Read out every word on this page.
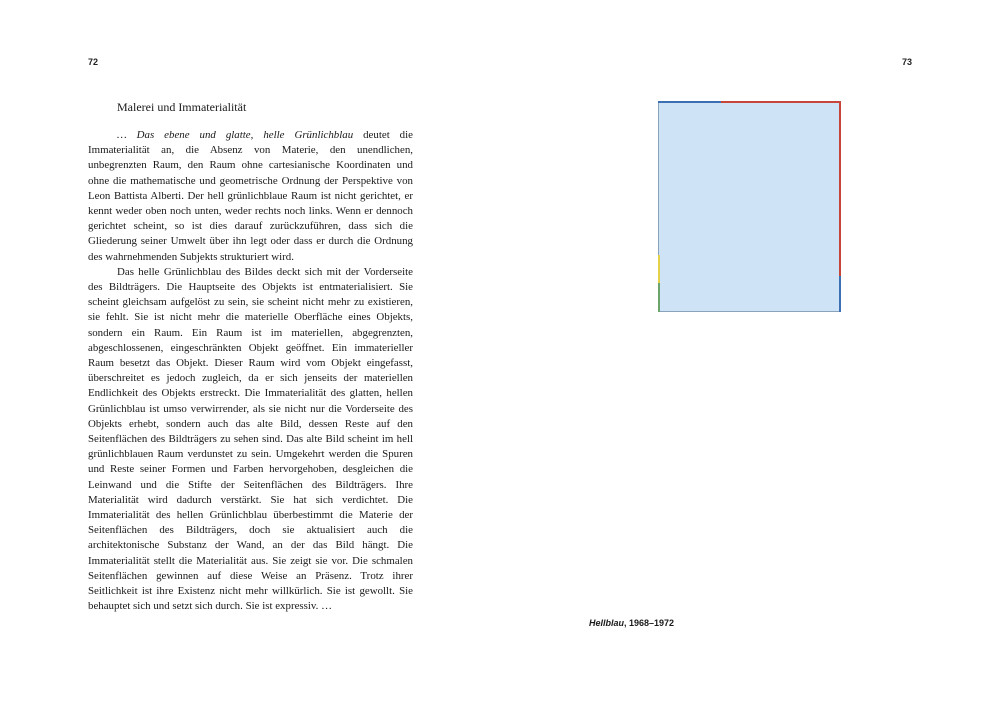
72	73
Malerei und Immaterialität

… Das ebene und glatte, helle Grünlichblau deutet die Immaterialität an, die Absenz von Materie, den unendlichen, unbegrenzten Raum, den Raum ohne cartesianische Koordinaten und ohne die mathematische und geometrische Ordnung der Perspektive von Leon Battista Alberti. Der hell grünlichblaue Raum ist nicht gerichtet, er kennt weder oben noch unten, weder rechts noch links. Wenn er dennoch gerichtet scheint, so ist dies darauf zurückzuführen, dass sich die Gliederung seiner Umwelt über ihn legt oder dass er durch die Ordnung des wahrnehmenden Subjekts strukturiert wird.

Das helle Grünlichblau des Bildes deckt sich mit der Vorderseite des Bildträgers. Die Hauptseite des Objekts ist entmaterialisiert. Sie scheint gleichsam aufgelöst zu sein, sie scheint nicht mehr zu existieren, sie fehlt. Sie ist nicht mehr die materielle Oberfläche eines Objekts, sondern ein Raum. Ein Raum ist im materiellen, abgegrenzten, abgeschlossenen, eingeschränkten Objekt geöffnet. Ein immaterieller Raum besetzt das Objekt. Dieser Raum wird vom Objekt eingefasst, überschreitet es jedoch zugleich, da er sich jenseits der materiellen Endlichkeit des Objekts erstreckt. Die Immaterialität des glatten, hellen Grünlichblau ist umso verwirrender, als sie nicht nur die Vorderseite des Objekts erhebt, sondern auch das alte Bild, dessen Reste auf den Seitenflächen des Bildträgers zu sehen sind. Das alte Bild scheint im hell grünlichblauen Raum verdunstet zu sein. Umgekehrt werden die Spuren und Reste seiner Formen und Farben hervorgehoben, desgleichen die Leinwand und die Stifte der Seitenflächen des Bildträgers. Ihre Materialität wird dadurch verstärkt. Sie hat sich verdichtet. Die Immaterialität des hellen Grünlichblau überbestimmt die Materie der Seitenflächen des Bildträgers, doch sie aktualisiert auch die architektonische Substanz der Wand, an der das Bild hängt. Die Immaterialität stellt die Materialität aus. Sie zeigt sie vor. Die schmalen Seitenflächen gewinnen auf diese Weise an Präsenz. Trotz ihrer Seitlichkeit ist ihre Existenz nicht mehr willkürlich. Sie ist gewollt. Sie behauptet sich und setzt sich durch. Sie ist expressiv. …

Hellblau, 1968–1972
